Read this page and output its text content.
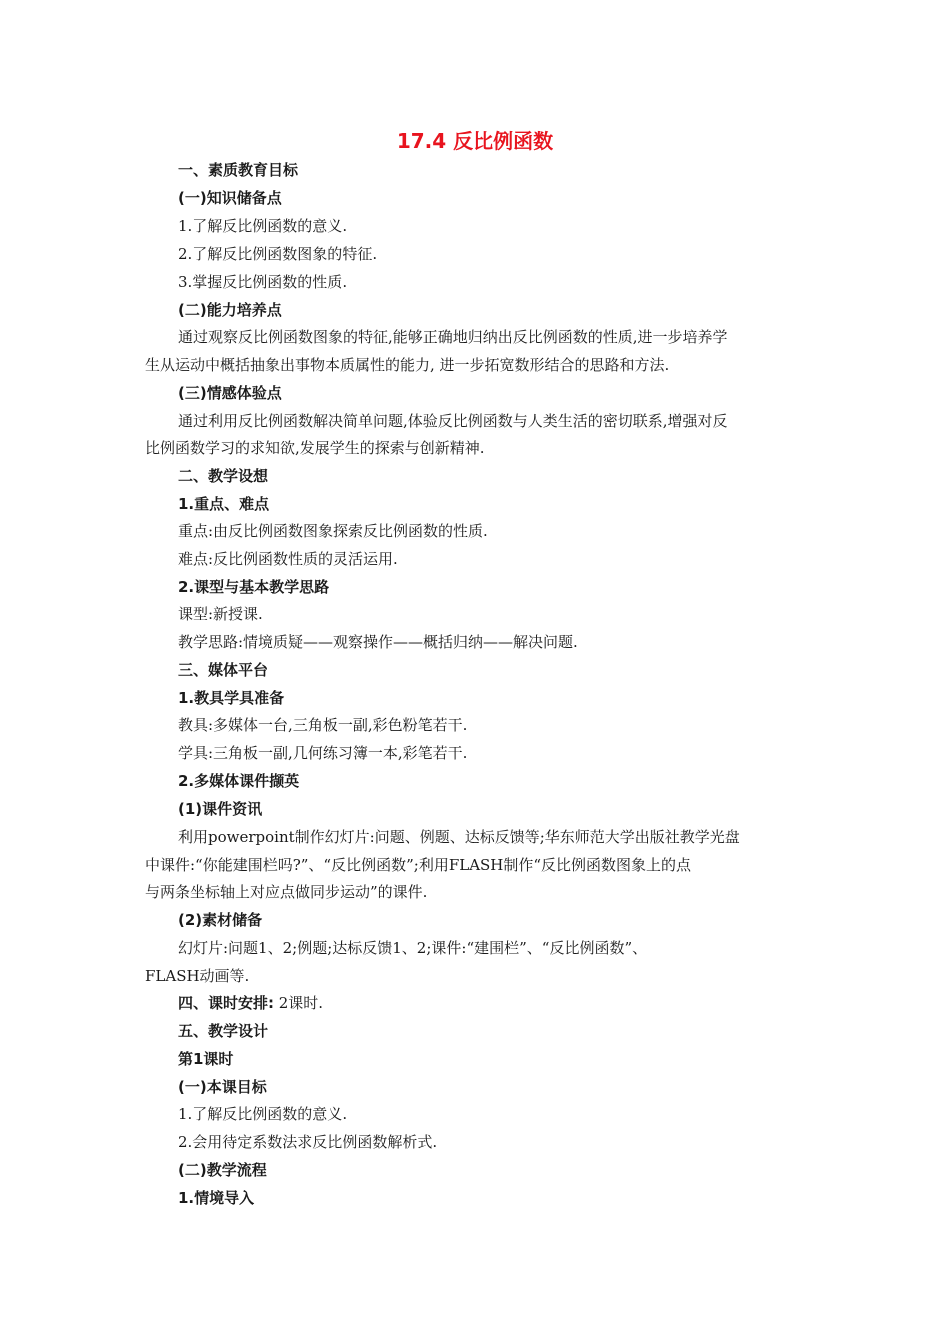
17.4 反比例函数
一、素质教育目标
(一)知识储备点
1.了解反比例函数的意义.
2.了解反比例函数图象的特征.
3.掌握反比例函数的性质.
(二)能力培养点
通过观察反比例函数图象的特征,能够正确地归纳出反比例函数的性质,进一步培养学
生从运动中概括抽象出事物本质属性的能力, 进一步拓宽数形结合的思路和方法.
(三)情感体验点
通过利用反比例函数解决简单问题,体验反比例函数与人类生活的密切联系,增强对反
比例函数学习的求知欲,发展学生的探索与创新精神.
二、教学设想
1.重点、难点
重点:由反比例函数图象探索反比例函数的性质.
难点:反比例函数性质的灵活运用.
2.课型与基本教学思路
课型:新授课.
教学思路:情境质疑——观察操作——概括归纳——解决问题.
三、媒体平台
1.教具学具准备
教具:多媒体一台,三角板一副,彩色粉笔若干.
学具:三角板一副,几何练习簿一本,彩笔若干.
2.多媒体课件撷英
(1)课件资讯
利用powerpoint制作幻灯片:问题、例题、达标反馈等;华东师范大学出版社教学光盘
中课件:“你能建围栏吗?”、“反比例函数”;利用FLASH制作“反比例函数图象上的点
与两条坐标轴上对应点做同步运动”的课件.
(2)素材储备
幻灯片:问题1、2;例题;达标反馈1、2;课件:“建围栏”、“反比例函数”、
FLASH动画等.
四、课时安排: 2课时.
五、教学设计
第1课时
(一)本课目标
1.了解反比例函数的意义.
2.会用待定系数法求反比例函数解析式.
(二)教学流程
1.情境导入
